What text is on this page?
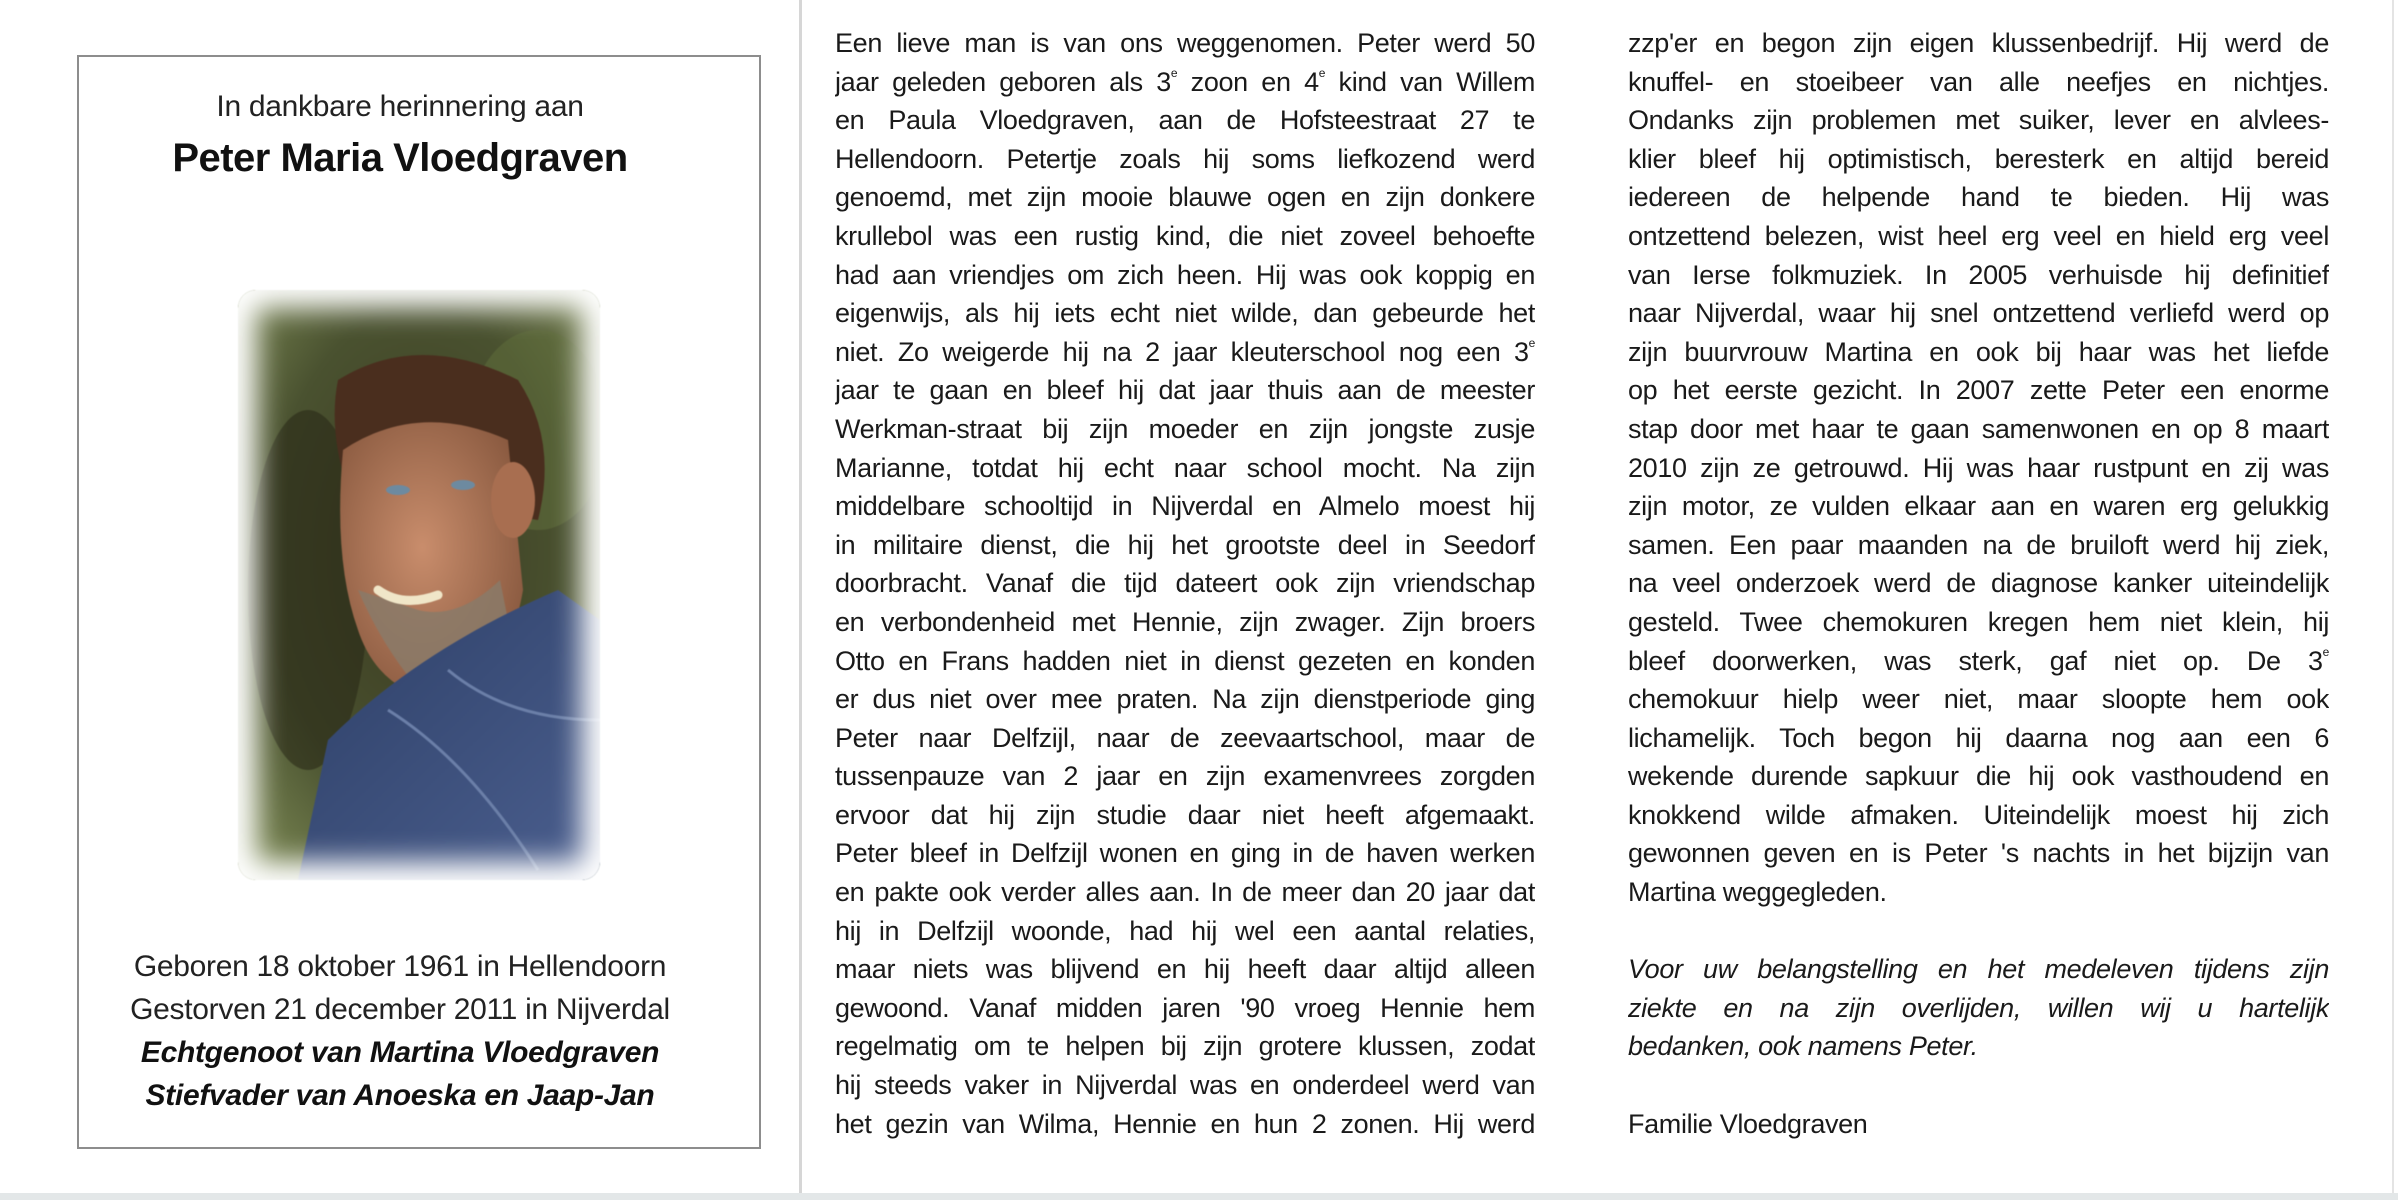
In dankbare herinnering aan
Peter Maria Vloedgraven
Geboren 18 oktober 1961 in Hellendoorn
Gestorven 21 december 2011 in Nijverdal
Echtgenoot van Martina Vloedgraven
Stiefvader van Anoeska en Jaap-Jan
Een lieve man is van ons weggenomen. Peter werd 50
jaar geleden geboren als 3e zoon en 4e kind van Willem
en Paula Vloedgraven, aan de Hofsteestraat 27 te
Hellendoorn. Petertje zoals hij soms liefkozend werd
genoemd, met zijn mooie blauwe ogen en zijn donkere
krullebol was een rustig kind, die niet zoveel behoefte
had aan vriendjes om zich heen. Hij was ook koppig en
eigenwijs, als hij iets echt niet wilde, dan gebeurde het
niet. Zo weigerde hij na 2 jaar kleuterschool nog een 3e
jaar te gaan en bleef hij dat jaar thuis aan de meester
Werkman-straat bij zijn moeder en zijn jongste zusje
Marianne, totdat hij echt naar school mocht. Na zijn
middelbare schooltijd in Nijverdal en Almelo moest hij
in militaire dienst, die hij het grootste deel in Seedorf
doorbracht. Vanaf die tijd dateert ook zijn vriendschap
en verbondenheid met Hennie, zijn zwager. Zijn broers
Otto en Frans hadden niet in dienst gezeten en konden
er dus niet over mee praten. Na zijn dienstperiode ging
Peter naar Delfzijl, naar de zeevaartschool, maar de
tussenpauze van 2 jaar en zijn examenvrees zorgden
ervoor dat hij zijn studie daar niet heeft afgemaakt.
Peter bleef in Delfzijl wonen en ging in de haven werken
en pakte ook verder alles aan. In de meer dan 20 jaar dat
hij in Delfzijl woonde, had hij wel een aantal relaties,
maar niets was blijvend en hij heeft daar altijd alleen
gewoond. Vanaf midden jaren '90 vroeg Hennie hem
regelmatig om te helpen bij zijn grotere klussen, zodat
hij steeds vaker in Nijverdal was en onderdeel werd van
het gezin van Wilma, Hennie en hun 2 zonen. Hij werd
zzp'er en begon zijn eigen klussenbedrijf. Hij werd de
knuffel- en stoeibeer van alle neefjes en nichtjes.
Ondanks zijn problemen met suiker, lever en alvlees-
klier bleef hij optimistisch, beresterk en altijd bereid
iedereen de helpende hand te bieden. Hij was
ontzettend belezen, wist heel erg veel en hield erg veel
van Ierse folkmuziek. In 2005 verhuisde hij definitief
naar Nijverdal, waar hij snel ontzettend verliefd werd op
zijn buurvrouw Martina en ook bij haar was het liefde
op het eerste gezicht. In 2007 zette Peter een enorme
stap door met haar te gaan samenwonen en op 8 maart
2010 zijn ze getrouwd. Hij was haar rustpunt en zij was
zijn motor, ze vulden elkaar aan en waren erg gelukkig
samen. Een paar maanden na de bruiloft werd hij ziek,
na veel onderzoek werd de diagnose kanker uiteindelijk
gesteld. Twee chemokuren kregen hem niet klein, hij
bleef doorwerken, was sterk, gaf niet op. De 3e
chemokuur hielp weer niet, maar sloopte hem ook
lichamelijk. Toch begon hij daarna nog aan een 6
wekende durende sapkuur die hij ook vasthoudend en
knokkend wilde afmaken. Uiteindelijk moest hij zich
gewonnen geven en is Peter 's nachts in het bijzijn van
Martina weggegleden.
Voor uw belangstelling en het medeleven tijdens zijn
ziekte en na zijn overlijden, willen wij u hartelijk
bedanken, ook namens Peter.
Familie Vloedgraven
